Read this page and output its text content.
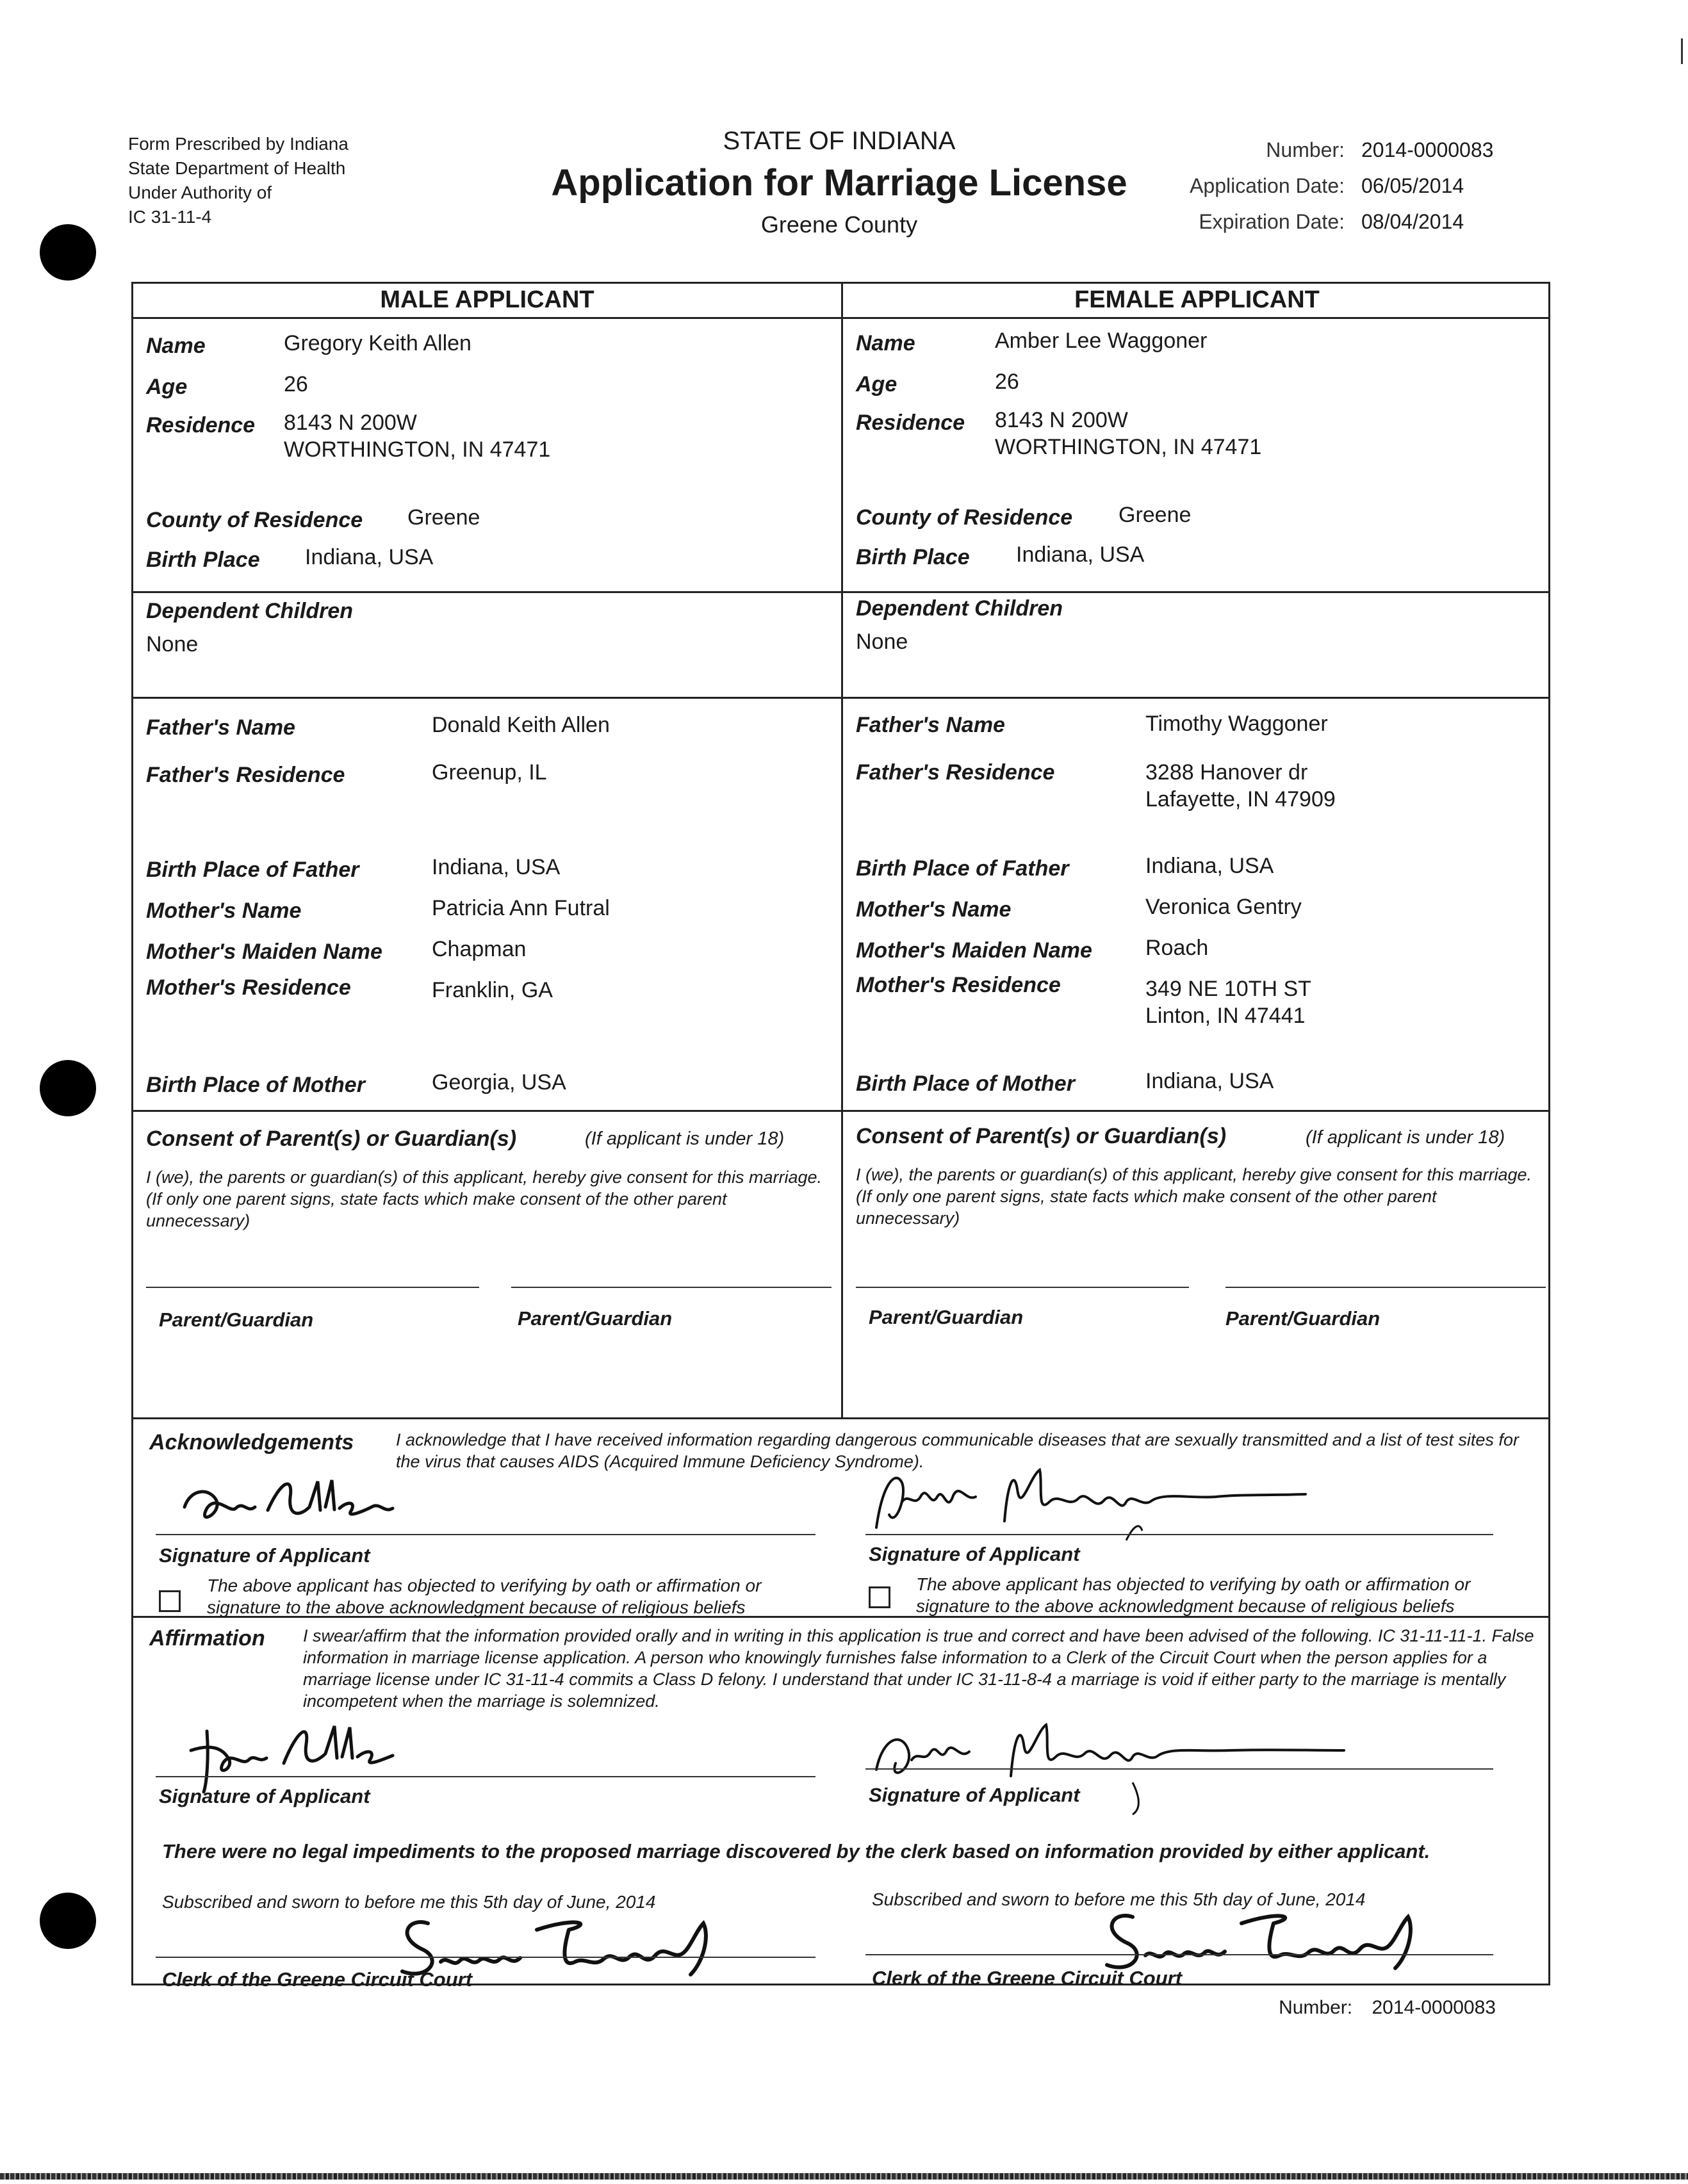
Form Prescribed by Indiana
State Department of Health
Under Authority of
IC 31-11-4
STATE OF INDIANA
Application for Marriage License
Greene County
Number: 2014-0000083
Application Date: 06/05/2014
Expiration Date: 08/04/2014
MALE APPLICANT	FEMALE APPLICANT
Name	Gregory Keith Allen
Age	26
Residence 8143 N 200W
WORTHINGTON, IN 47471
County of Residence Greene
Birth Place Indiana, USA
Dependent Children
None
Father's Name	Donald Keith Allen
Father's Residence	Greenup, IL
Birth Place of Father	Indiana, USA
Mother's Name	Patricia Ann Futral
Mother's Maiden Name Chapman
Mother's Residence	Franklin, GA
Birth Place of Mother	Georgia, USA
Name	Amber Lee Waggoner
Age	26
Residence 8143 N 200W
WORTHINGTON, IN 47471
County of Residence Greene
Birth Place Indiana, USA
Dependent Children
None
Father's Name	Timothy Waggoner
Father's Residence	3288 Hanover dr
Lafayette, IN 47909
Birth Place of Father	Indiana, USA
Mother's Name	Veronica Gentry
Mother's Maiden Name Roach
Mother's Residence	349 NE 10TH ST
Linton, IN 47441
Birth Place of Mother	Indiana, USA
Consent of Parent(s) or Guardian(s)	(If applicant is under 18)
I (we), the parents or guardian(s) of this applicant, hereby give consent for this marriage. (If only one parent signs, state facts which make consent of the other parent unnecessary)
Parent/Guardian	Parent/Guardian
Consent of Parent(s) or Guardian(s)	(If applicant is under 18)
I (we), the parents or guardian(s) of this applicant, hereby give consent for this marriage. (If only one parent signs, state facts which make consent of the other parent unnecessary)
Parent/Guardian	Parent/Guardian
Acknowledgements I acknowledge that I have received information regarding dangerous communicable diseases that are sexually transmitted and a list of test sites for the virus that causes AIDS (Acquired Immune Deficiency Syndrome).
Signature of Applicant	Signature of Applicant
The above applicant has objected to verifying by oath or affirmation or signature to the above acknowledgment because of religious beliefs
The above applicant has objected to verifying by oath or affirmation or signature to the above acknowledgment because of religious beliefs
Affirmation I swear/affirm that the information provided orally and in writing in this application is true and correct and have been advised of the following. IC 31-11-11-1. False information in marriage license application. A person who knowingly furnishes false information to a Clerk of the Circuit Court when the person applies for a marriage license under IC 31-11-4 commits a Class D felony. I understand that under IC 31-11-8-4 a marriage is void if either party to the marriage is mentally incompetent when the marriage is solemnized.
Signature of Applicant	Signature of Applicant
There were no legal impediments to the proposed marriage discovered by the clerk based on information provided by either applicant.
Subscribed and sworn to before me this 5th day of June, 2014	Subscribed and sworn to before me this 5th day of June, 2014
Clerk of the Greene Circuit Court	Clerk of the Greene Circuit Court
Number: 2014-0000083
